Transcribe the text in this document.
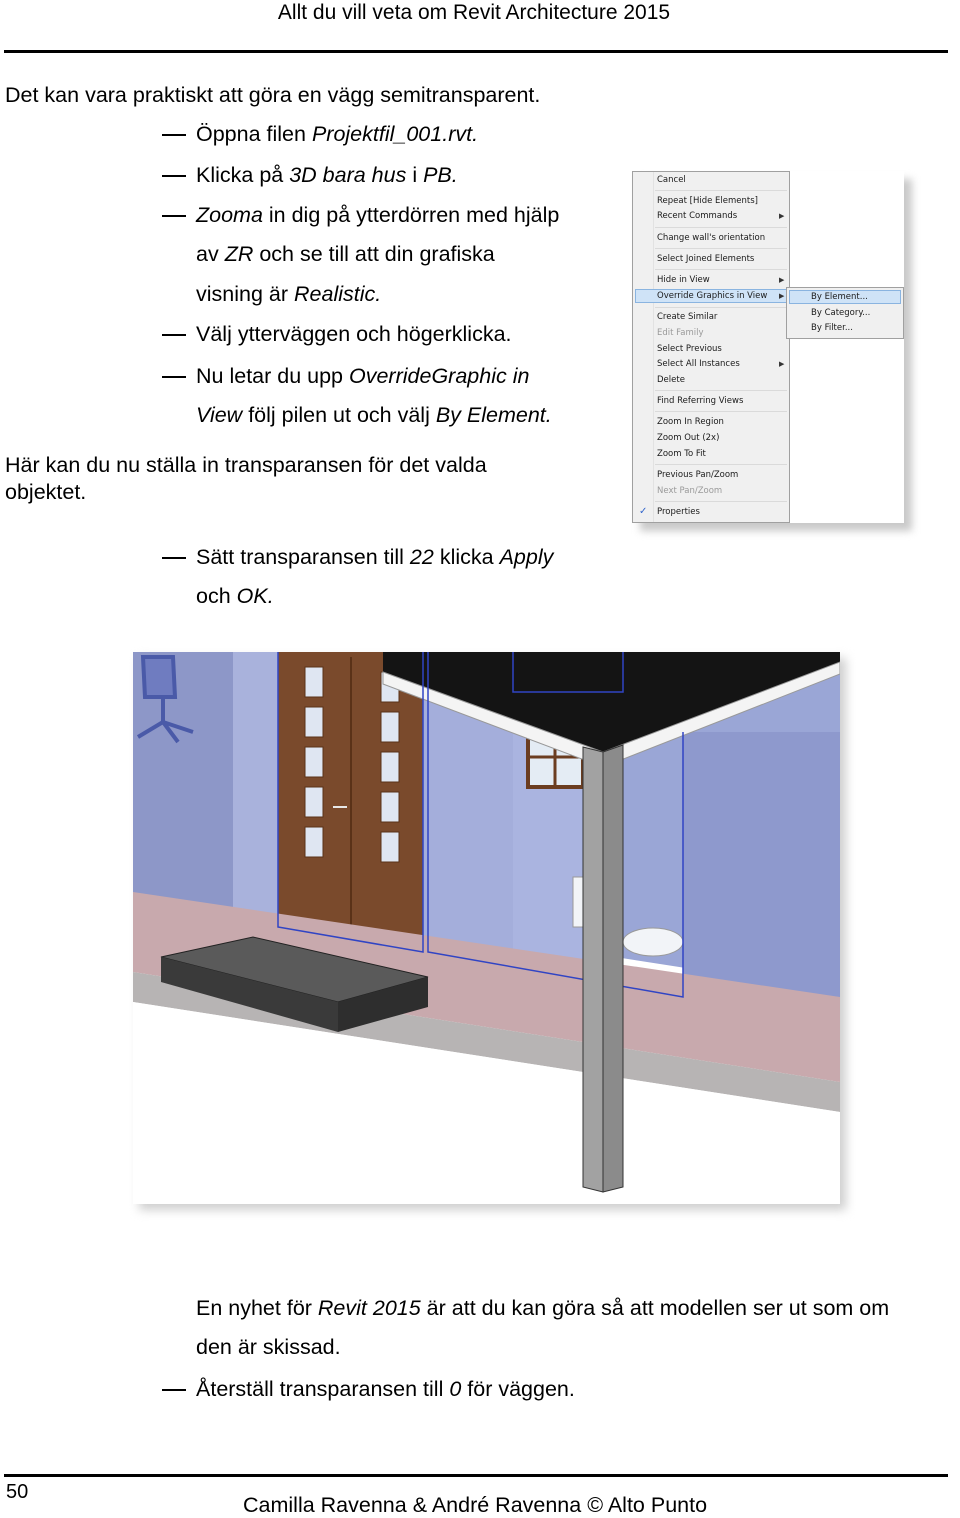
Allt du vill veta om Revit Architecture 2015
Det kan vara praktiskt att göra en vägg semitransparent.
Öppna filen Projektfil_001.rvt.
Klicka på 3D bara hus i PB.
Zooma in dig på ytterdörren med hjälp
av ZR och se till att din grafiska
visning är Realistic.
Välj ytterväggen och högerklicka.
Nu letar du upp OverrideGraphic in
View följ pilen ut och välj By Element.
Här kan du nu ställa in transparansen för det valda
objektet.
Sätt transparansen till 22 klicka Apply
och OK.
Cancel
Repeat [Hide Elements]
Recent Commands	▶
Change wall's orientation
Select Joined Elements
Hide in View	▶
Override Graphics in View ▶
Create Similar
Edit Family
Select Previous
Select All Instances	▶
Delete
Find Referring Views
Zoom In Region
Zoom Out (2x)
Zoom To Fit
Previous Pan/Zoom
Next Pan/Zoom
✓ Properties
By Element...
By Category...
By Filter...
En nyhet för Revit 2015 är att du kan göra så att modellen ser ut som om
den är skissad.
Återställ transparansen till 0 för väggen.
50
Camilla Ravenna & André Ravenna © Alto Punto
